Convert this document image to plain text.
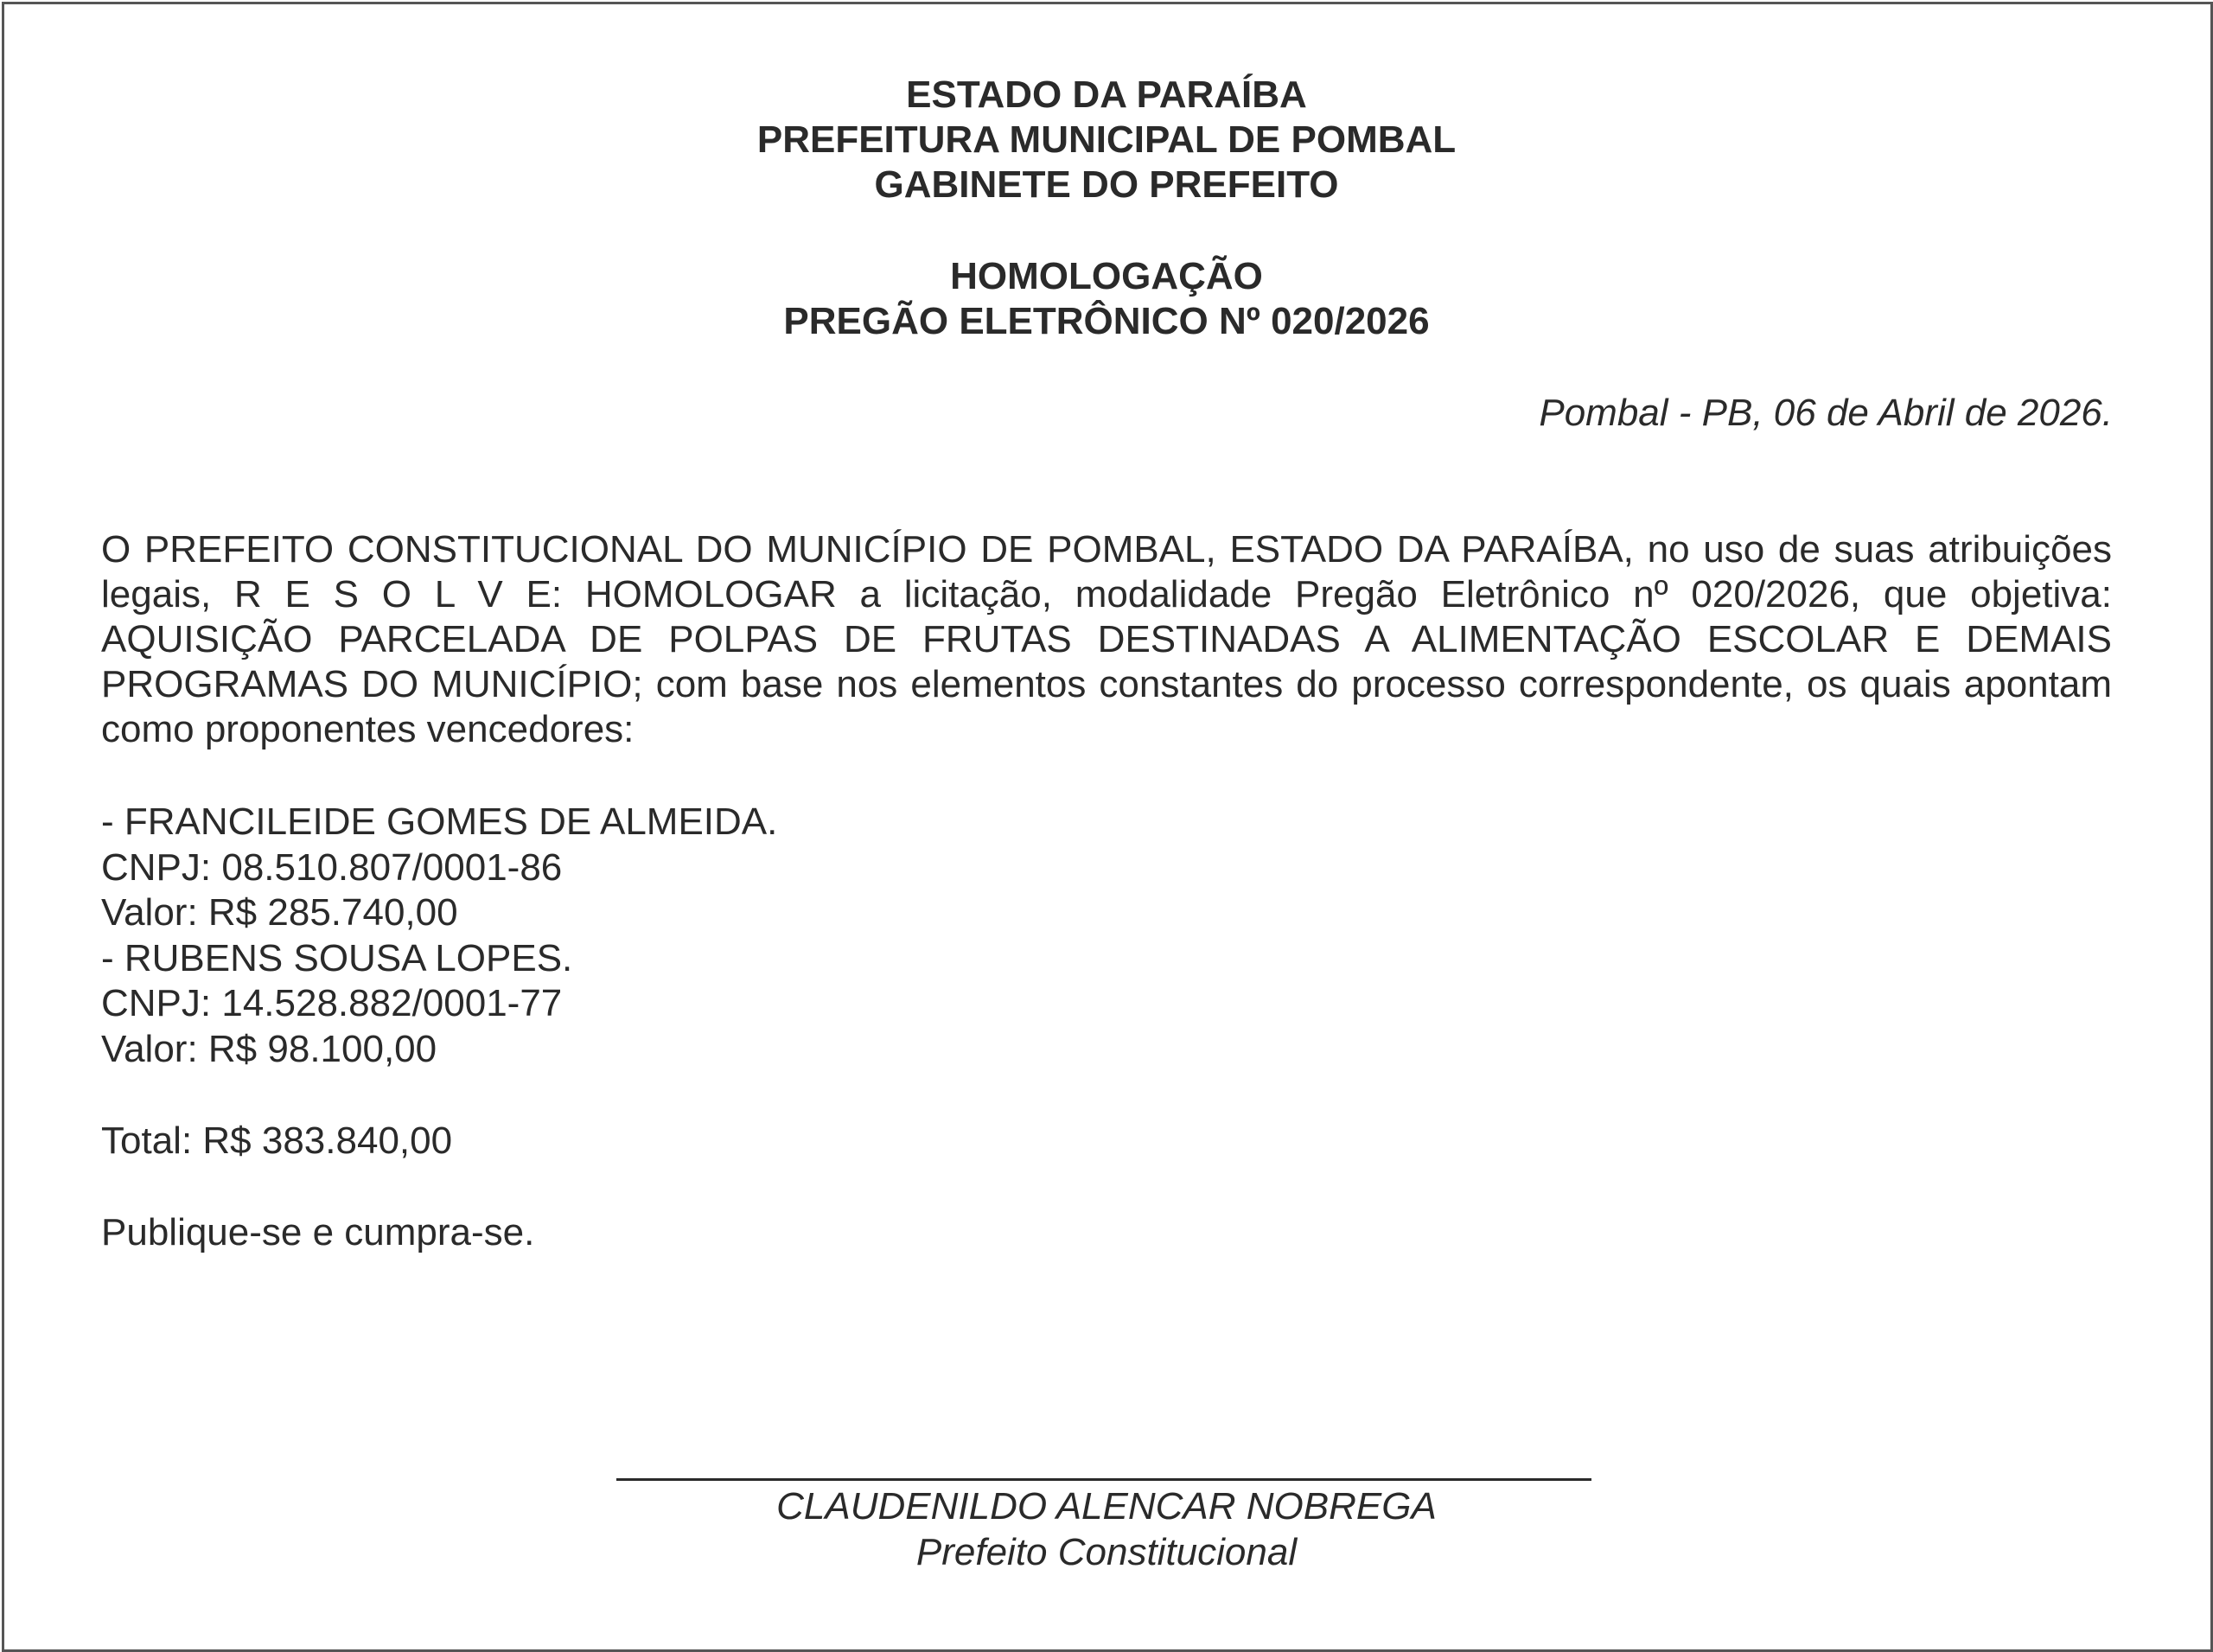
ESTADO DA PARAÍBA
PREFEITURA MUNICIPAL DE POMBAL
GABINETE DO PREFEITO
HOMOLOGAÇÃO
PREGÃO ELETRÔNICO Nº 020/2026
Pombal - PB, 06 de Abril de 2026.
O PREFEITO CONSTITUCIONAL DO MUNICÍPIO DE POMBAL, ESTADO DA PARAÍBA, no uso de suas atribuições legais, R E S O L V E: HOMOLOGAR a licitação, modalidade Pregão Eletrônico nº 020/2026, que objetiva: AQUISIÇÃO PARCELADA DE POLPAS DE FRUTAS DESTINADAS A ALIMENTAÇÃO ESCOLAR E DEMAIS PROGRAMAS DO MUNICÍPIO; com base nos elementos constantes do processo correspondente, os quais apontam como proponentes vencedores:
- FRANCILEIDE GOMES DE ALMEIDA.
CNPJ: 08.510.807/0001-86
Valor: R$ 285.740,00
- RUBENS SOUSA LOPES.
CNPJ: 14.528.882/0001-77
Valor: R$ 98.100,00
Total: R$ 383.840,00
Publique-se e cumpra-se.
CLAUDENILDO ALENCAR NOBREGA
Prefeito Constitucional
